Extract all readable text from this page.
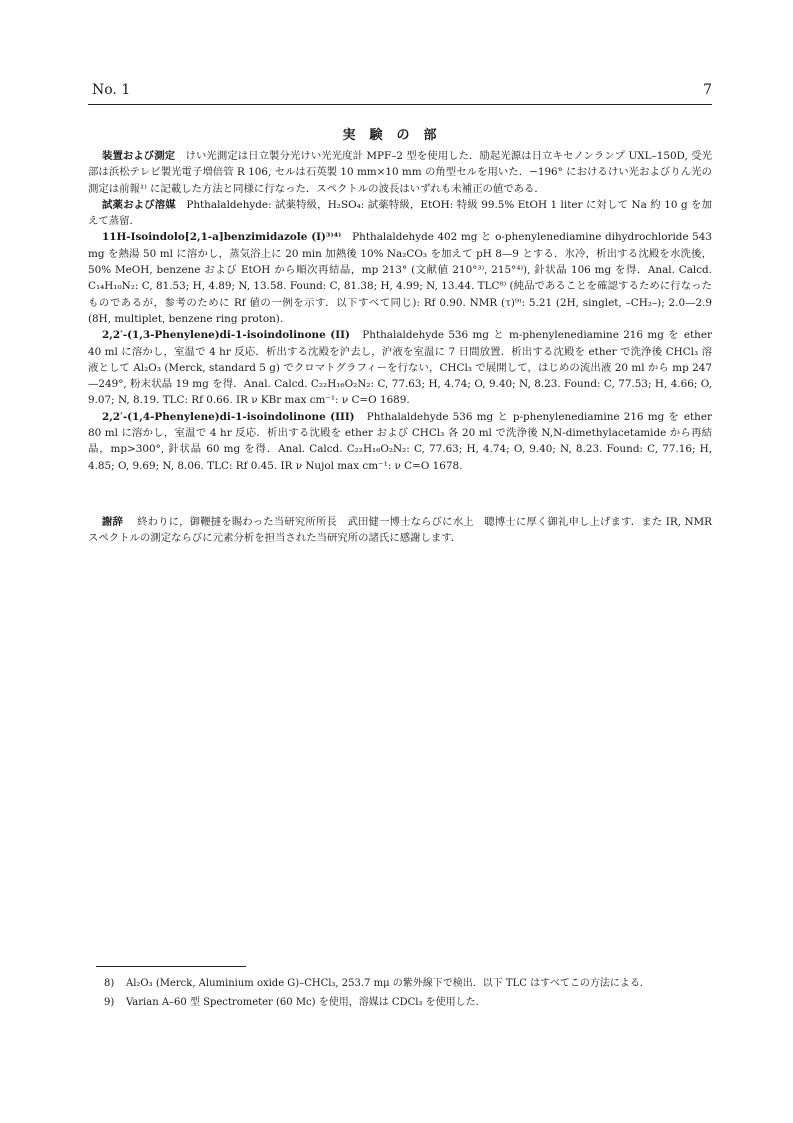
No. 1	7
実験の部

装置および測定　けい光測定は日立製分光けい光光度計 MPF–2 型を使用した．励起光源は日立キセノンランプ UXL–150D, 受光部は浜松テレビ製光電子増倍管 R 106, セルは石英製 10 mm×10 mm の角型セルを用いた．−196° におけるけい光およびりん光の測定は前報¹⁾ に記載した方法と同様に行なった．スペクトルの波長はいずれも未補正の値である．

試薬および溶媒　Phthalaldehyde: 試薬特級，H₂SO₄: 試薬特級，EtOH: 特級 99.5% EtOH 1 liter に対して Na 約 10 g を加えて蒸留．

11H-Isoindolo[2,1-a]benzimidazole (I)³⁾⁴⁾　Phthalaldehyde 402 mg と o-phenylenediamine dihydrochloride 543 mg を熱湯 50 ml に溶かし，蒸気浴上に 20 min 加熱後 10% Na₂CO₃ を加えて pH 8—9 とする．氷冷，析出する沈殿を水洗後，50% MeOH, benzene および EtOH から順次再結晶，mp 213° (文献値 210°³⁾, 215°⁴⁾), 針状晶 106 mg を得．Anal. Calcd. C₁₄H₁₀N₂: C, 81.53; H, 4.89; N, 13.58. Found: C, 81.38; H, 4.99; N, 13.44. TLC⁸⁾ (純品であることを確認するために行なったものであるが，参考のために Rf 値の一例を示す．以下すべて同じ): Rf 0.90. NMR (τ)⁹⁾: 5.21 (2H, singlet, –CH₂–); 2.0—2.9 (8H, multiplet, benzene ring proton).

2,2′-(1,3-Phenylene)di-1-isoindolinone (II)　Phthalaldehyde 536 mg と m-phenylenediamine 216 mg を ether 40 ml に溶かし，室温で 4 hr 反応．析出する沈殿を沪去し，沪液を室温に 7 日間放置．析出する沈殿を ether で洗浄後 CHCl₃ 溶液として Al₂O₃ (Merck, standard 5 g) でクロマトグラフィーを行ない，CHCl₃ で展開して，はじめの流出液 20 ml から mp 247—249°, 粉末状晶 19 mg を得．Anal. Calcd. C₂₂H₁₆O₂N₂: C, 77.63; H, 4.74; O, 9.40; N, 8.23. Found: C, 77.53; H, 4.66; O, 9.07; N, 8.19. TLC: Rf 0.66. IR ν KBr max cm⁻¹: ν C=O 1689.

2,2′-(1,4-Phenylene)di-1-isoindolinone (III)　Phthalaldehyde 536 mg と p-phenylenediamine 216 mg を ether 80 ml に溶かし，室温で 4 hr 反応．析出する沈殿を ether および CHCl₃ 各 20 ml で洗浄後 N,N-dimethylacetamide から再結晶，mp>300°, 針状晶 60 mg を得．Anal. Calcd. C₂₂H₁₆O₂N₂: C, 77.63; H, 4.74; O, 9.40; N, 8.23. Found: C, 77.16; H, 4.85; O, 9.69; N, 8.06. TLC: Rf 0.45. IR ν Nujol max cm⁻¹: ν C=O 1678.

謝辞 終わりに，御鞭撻を賜わった当研究所所長　武田健一博士ならびに水上　聰博士に厚く御礼申し上げます．また IR, NMR スペクトルの測定ならびに元素分析を担当された当研究所の諸氏に感謝します．

8) Al₂O₃ (Merck, Aluminium oxide G)–CHCl₃, 253.7 mμ の紫外線下で検出．以下 TLC はすべてこの方法による．

9) Varian A–60 型 Spectrometer (60 Mc) を使用，溶媒は CDCl₃ を使用した．
